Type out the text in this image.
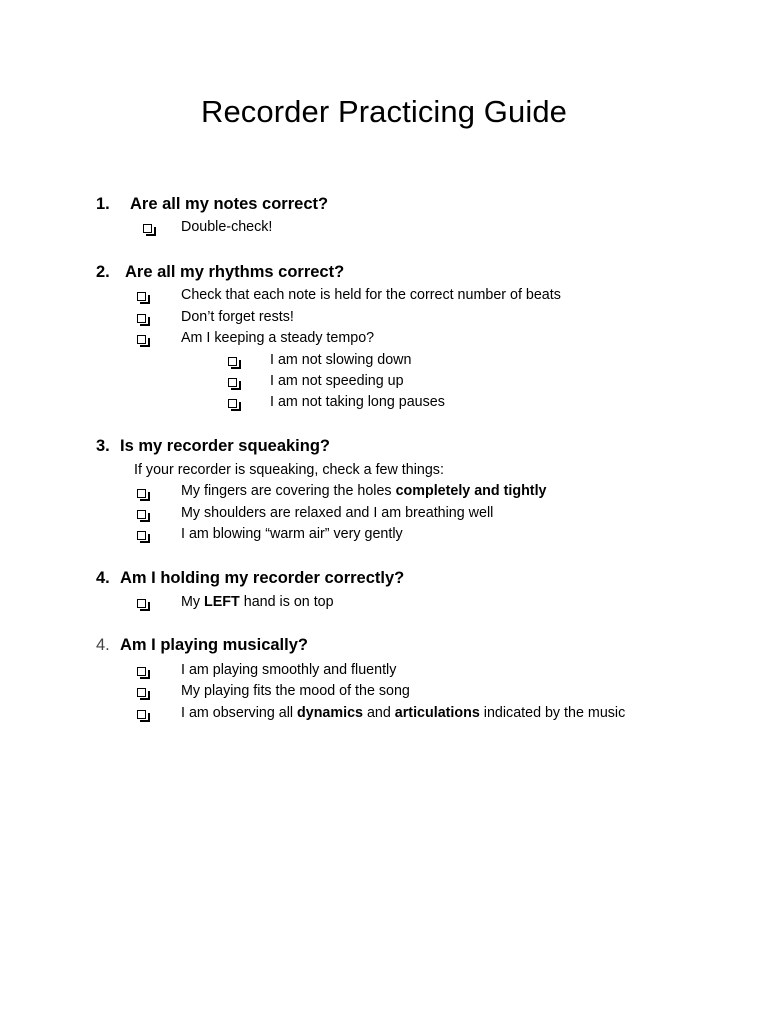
Recorder Practicing Guide
1. Are all my notes correct?
Double-check!
2. Are all my rhythms correct?
Check that each note is held for the correct number of beats
Don’t forget rests!
Am I keeping a steady tempo?
I am not slowing down
I am not speeding up
I am not taking long pauses
3. Is my recorder squeaking?
If your recorder is squeaking, check a few things:
My fingers are covering the holes completely and tightly
My shoulders are relaxed and I am breathing well
I am blowing “warm air” very gently
4. Am I holding my recorder correctly?
My LEFT hand is on top
4. Am I playing musically?
I am playing smoothly and fluently
My playing fits the mood of the song
I am observing all dynamics and articulations indicated by the music
